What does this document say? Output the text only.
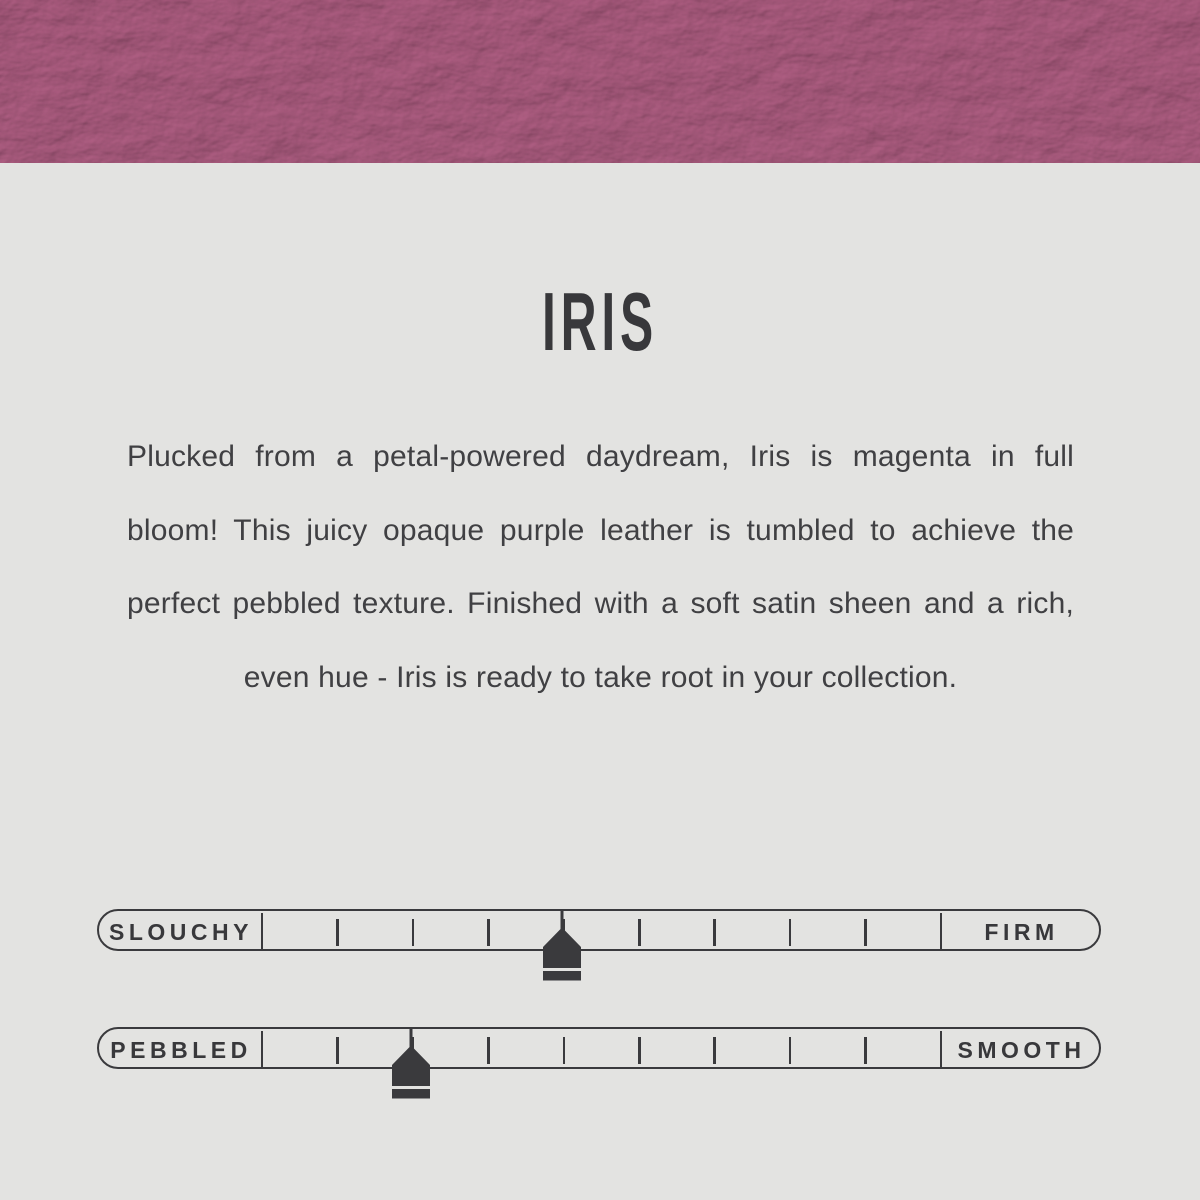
IRIS
Plucked from a petal-powered daydream, Iris is magenta in full
bloom! This juicy opaque purple leather is tumbled to achieve the
perfect pebbled texture. Finished with a soft satin sheen and a rich,
even hue - Iris is ready to take root in your collection.
SLOUCHY	FIRM
PEBBLED	SMOOTH
